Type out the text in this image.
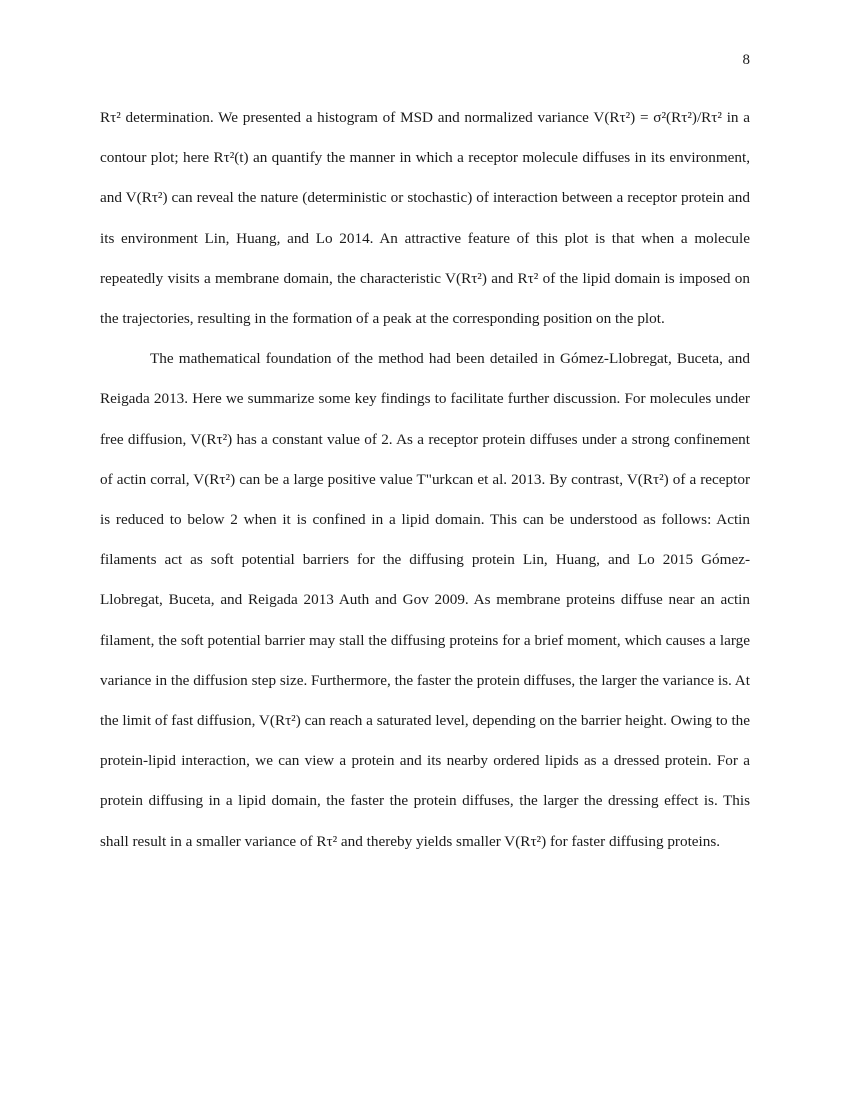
8

Rτ² determination. We presented a histogram of MSD and normalized variance V(Rτ²) = σ²(Rτ²)/Rτ² in a contour plot; here Rτ²(t) an quantify the manner in which a receptor molecule diffuses in its environment, and V(Rτ²) can reveal the nature (deterministic or stochastic) of interaction between a receptor protein and its environment Lin, Huang, and Lo 2014. An attractive feature of this plot is that when a molecule repeatedly visits a membrane domain, the characteristic V(Rτ²) and Rτ² of the lipid domain is imposed on the trajectories, resulting in the formation of a peak at the corresponding position on the plot.

The mathematical foundation of the method had been detailed in Gómez-Llobregat, Buceta, and Reigada 2013. Here we summarize some key findings to facilitate further discussion. For molecules under free diffusion, V(Rτ²) has a constant value of 2. As a receptor protein diffuses under a strong confinement of actin corral, V(Rτ²) can be a large positive value T"urkcan et al. 2013. By contrast, V(Rτ²) of a receptor is reduced to below 2 when it is confined in a lipid domain. This can be understood as follows: Actin filaments act as soft potential barriers for the diffusing protein Lin, Huang, and Lo 2015 Gómez-Llobregat, Buceta, and Reigada 2013 Auth and Gov 2009. As membrane proteins diffuse near an actin filament, the soft potential barrier may stall the diffusing proteins for a brief moment, which causes a large variance in the diffusion step size. Furthermore, the faster the protein diffuses, the larger the variance is. At the limit of fast diffusion, V(Rτ²) can reach a saturated level, depending on the barrier height. Owing to the protein-lipid interaction, we can view a protein and its nearby ordered lipids as a dressed protein. For a protein diffusing in a lipid domain, the faster the protein diffuses, the larger the dressing effect is. This shall result in a smaller variance of Rτ² and thereby yields smaller V(Rτ²) for faster diffusing proteins.
